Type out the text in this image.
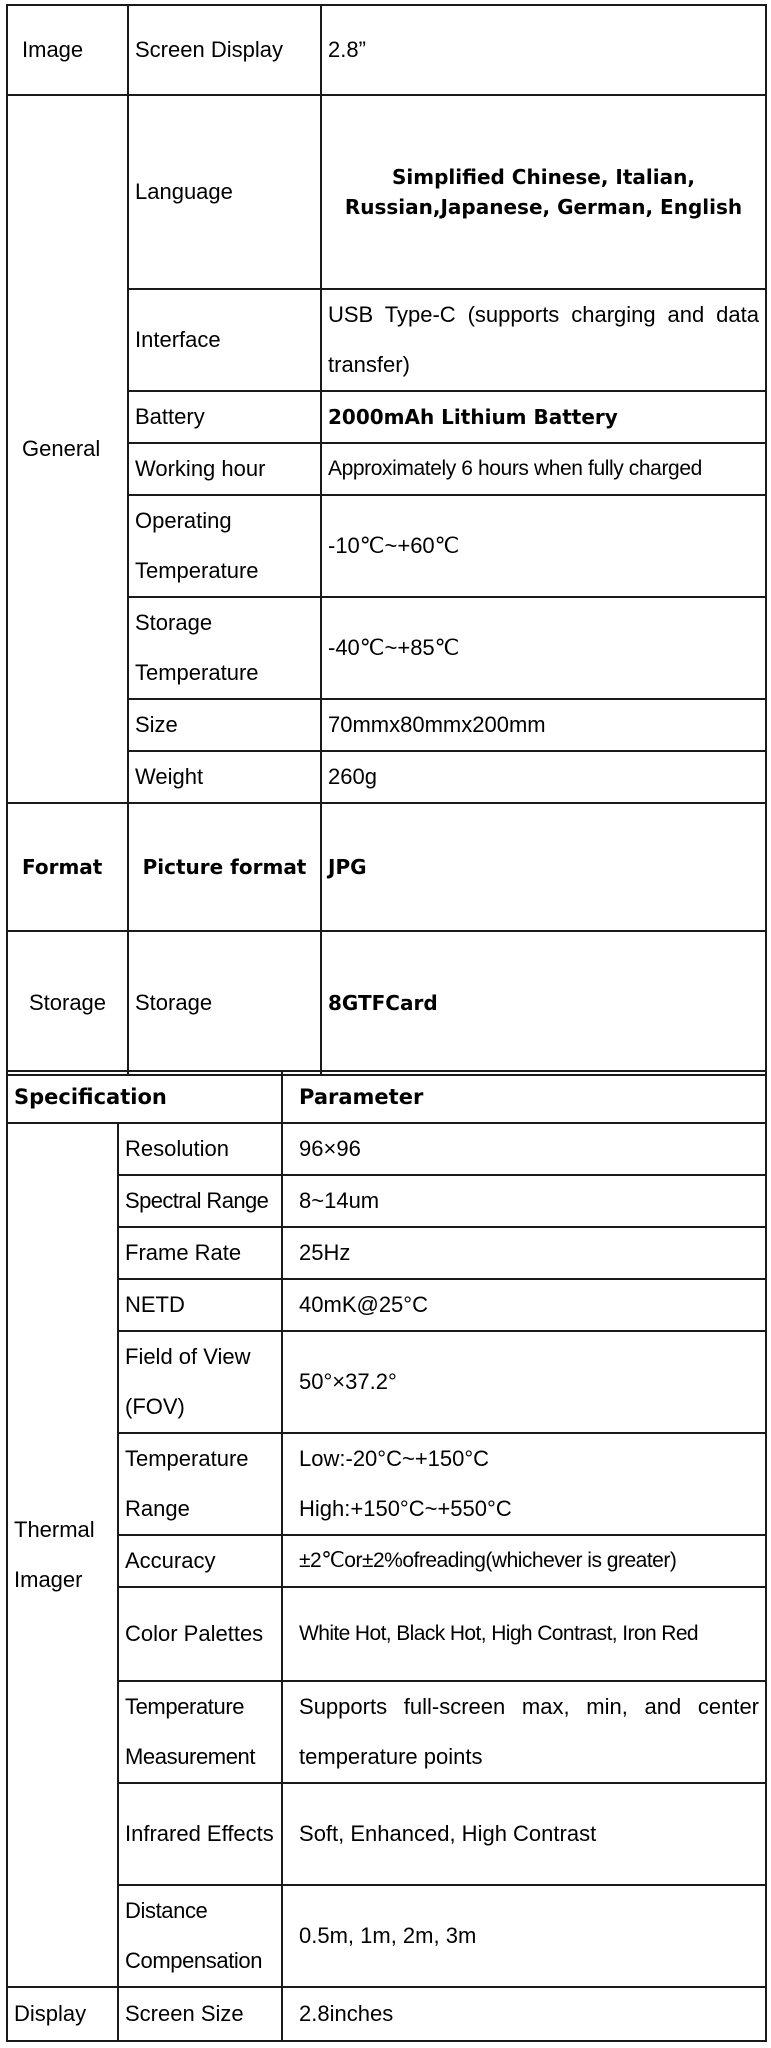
Image	Screen Display	2.8”
General	Language	Simplified Chinese, Italian, Russian,Japanese, German, English
	Interface	USB Type-C (supports charging and data transfer)
	Battery	2000mAh Lithium Battery
	Working hour	Approximately 6 hours when fully charged
	Operating Temperature	-10℃~+60℃
	Storage Temperature	-40℃~+85℃
	Size	70mmx80mmx200mm
	Weight	260g
Format	Picture format	JPG
Storage	Storage	8GTFCard
Specification		Parameter
Thermal Imager	Resolution	96×96
	Spectral Range	8~14um
	Frame Rate	25Hz
	NETD	40mK@25°C
	Field of View (FOV)	50°×37.2°
	Temperature Range	Low:-20°C~+150°C
High:+150°C~+550°C

	Accuracy	±2℃or±2%ofreading(whichever is greater)
	Color Palettes	White Hot, Black Hot, High Contrast, Iron Red
	Temperature Measurement	Supports full-screen max, min, and center temperature points
	Infrared Effects	Soft, Enhanced, High Contrast
	Distance Compensation	0.5m, 1m, 2m, 3m
Display	Screen Size	2.8inches
